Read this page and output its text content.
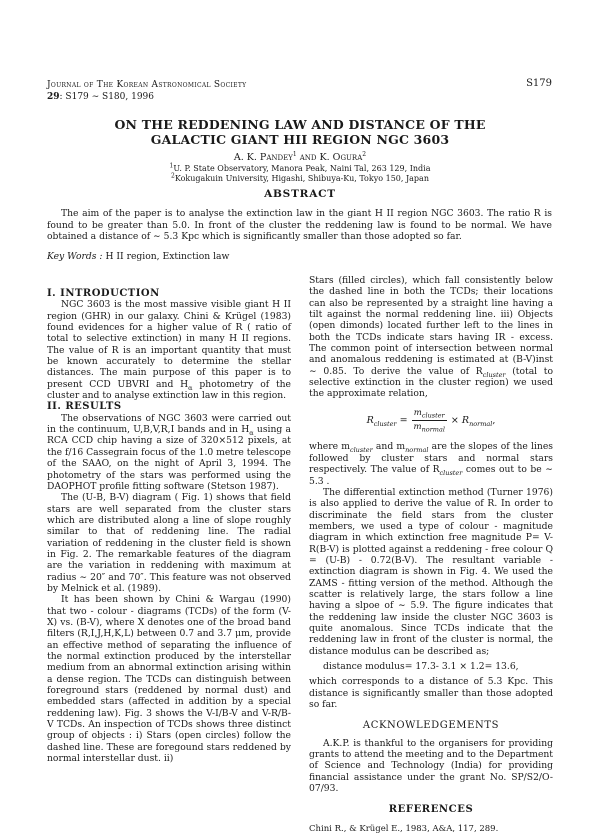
Journal of The Korean Astronomical Society
29: S179 ∼ S180, 1996
S179
ON THE REDDENING LAW AND DISTANCE OF THE
GALACTIC GIANT HII REGION NGC 3603
A. K. Pandey$^1$ and K. Ogura$^2$
$^1$U. P. State Observatory, Manora Peak, Naini Tal, 263 129, India
$^2$Kokugakuin University, Higashi, Shibuya-Ku, Tokyo 150, Japan
ABSTRACT

The aim of the paper is to analyse the extinction law in the giant H II region NGC 3603. The ratio R is found to be greater than 5.0. In front of the cluster the reddening law is found to be normal. We have obtained a distance of ∼ 5.3 Kpc which is significantly smaller than those adopted so far.

Key Words : H II region, Extinction law

I. INTRODUCTION

NGC 3603 is the most massive visible giant H II region (GHR) in our galaxy. Chini & Krügel (1983) found evidences for a higher value of R ( ratio of total to selective extinction) in many H II regions. The value of R is an important quantity that must be known accurately to determine the stellar distances. The main purpose of this paper is to present CCD UBVRI and $H_\alpha$ photometry of the cluster and to analyse extinction law in this region.

II. RESULTS

The observations of NGC 3603 were carried out in the continuum, U,B,V,R,I bands and in $H_\alpha$ using a RCA CCD chip having a size of 320×512 pixels, at the f/16 Cassegrain focus of the 1.0 metre telescope of the SAAO, on the night of April 3, 1994. The photometry of the stars was performed using the DAOPHOT profile fitting software (Stetson 1987).

The (U-B, B-V) diagram ( Fig. 1) shows that field stars are well separated from the cluster stars which are distributed along a line of slope roughly similar to that of reddening line. The radial variation of reddening in the cluster field is shown in Fig. 2. The remarkable features of the diagram are the variation in reddening with maximum at radius ∼ 20″ and 70″. This feature was not observed by Melnick et al. (1989).

It has been shown by Chini & Wargau (1990) that two - colour - diagrams (TCDs) of the form (V-X) vs. (B-V), where X denotes one of the broad band filters (R,I,J,H,K,L) between 0.7 and 3.7 μm, provide an effective method of separating the influence of the normal extinction produced by the interstellar medium from an abnormal extinction arising within a dense region. The TCDs can distinguish between foreground stars (reddened by normal dust) and embedded stars (affected in addition by a special reddening law). Fig. 3 shows the V-I/B-V and V-R/B-V TCDs. An inspection of TCDs shows three distinct group of objects : i) Stars (open circles) follow the dashed line. These are foregound stars reddened by normal interstellar dust. ii)

Stars (filled circles), which fall consistently below the dashed line in both the TCDs; their locations can also be represented by a straight line having a tilt against the normal reddening line. iii) Objects (open dimonds) located further left to the lines in both the TCDs indicate stars having IR - excess. The common point of intersection between normal and anomalous reddening is estimated at (B-V)inst ∼ 0.85. To derive the value of $R_{cluster}$ (total to selective extinction in the cluster region) we used the approximate relation,

$R_{cluster} = \frac{m_{cluster}}{m_{normal}} \times R_{normal}$,

where $m_{cluster}$ and $m_{normal}$ are the slopes of the lines followed by cluster stars and normal stars respectively. The value of $R_{cluster}$ comes out to be ∼ 5.3 .

The differential extinction method (Turner 1976) is also applied to derive the value of R. In order to discriminate the field stars from the cluster members, we used a type of colour - magnitude diagram in which extinction free magnitude P= V- R(B-V) is plotted against a reddening - free colour Q = (U-B) - 0.72(B-V). The resultant variable - extinction diagram is shown in Fig. 4. We used the ZAMS - fitting version of the method. Although the scatter is relatively large, the stars follow a line having a slpoe of ∼ 5.9. The figure indicates that the reddening law inside the cluster NGC 3603 is quite anomalous. Since TCDs indicate that the reddening law in front of the cluster is normal, the distance modulus can be described as;

distance modulus= 17.3- 3.1 × 1.2= 13.6,

which corresponds to a distance of 5.3 Kpc. This distance is significantly smaller than those adopted so far.

ACKNOWLEDGEMENTS

A.K.P. is thankful to the organisers for providing grants to attend the meeting and to the Department of Science and Technology (India) for providing financial assistance under the grant No. SP/S2/O-07/93.

REFERENCES

Chini R., & Krügel E., 1983, A&A, 117, 289.
